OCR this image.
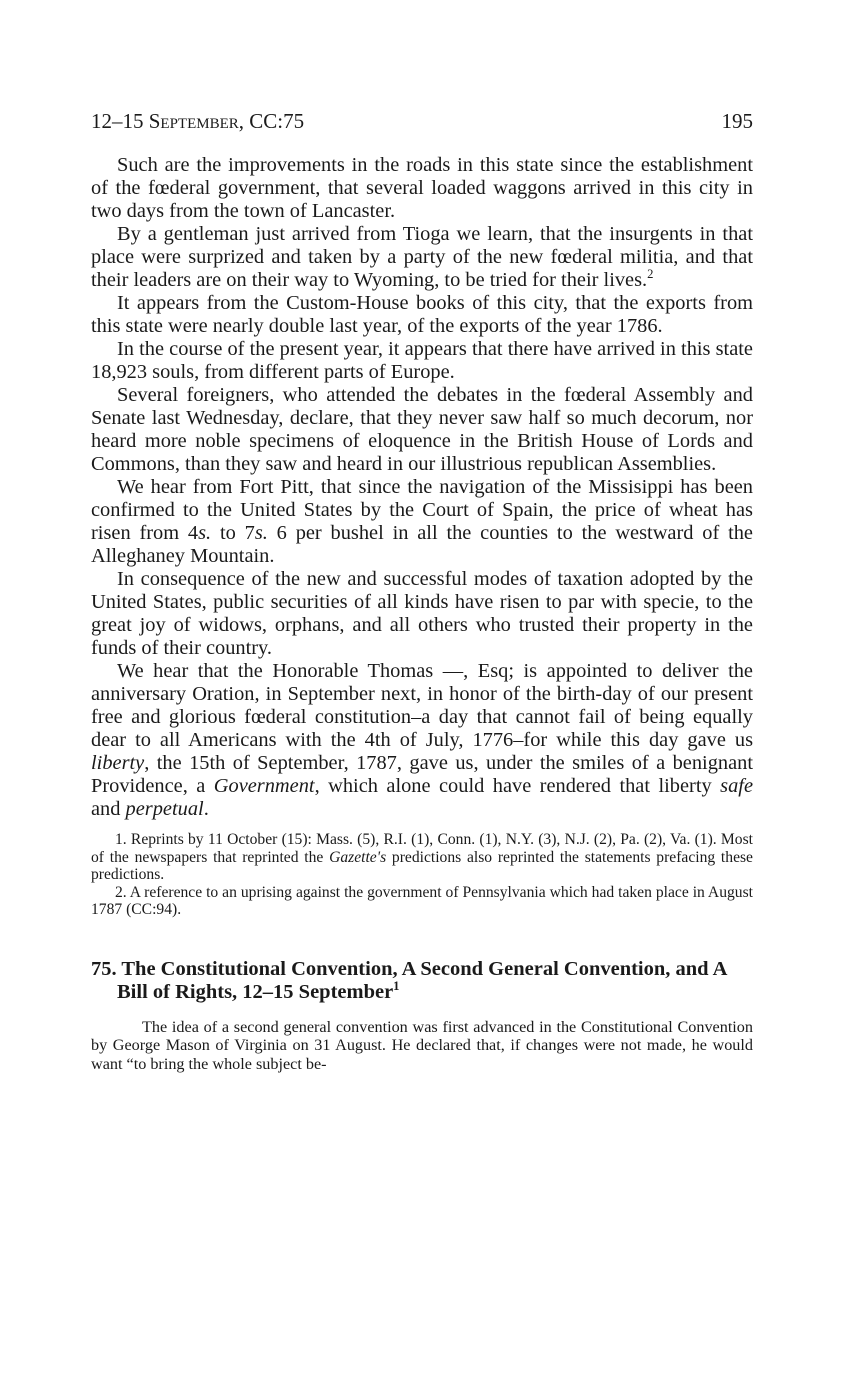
12–15 September, CC:75	195

Such are the improvements in the roads in this state since the establishment of the fœderal government, that several loaded waggons arrived in this city in two days from the town of Lancaster.

By a gentleman just arrived from Tioga we learn, that the insurgents in that place were surprized and taken by a party of the new fœderal militia, and that their leaders are on their way to Wyoming, to be tried for their lives.$^2$

It appears from the Custom-House books of this city, that the exports from this state were nearly double last year, of the exports of the year 1786.

In the course of the present year, it appears that there have arrived in this state 18,923 souls, from different parts of Europe.

Several foreigners, who attended the debates in the fœderal Assembly and Senate last Wednesday, declare, that they never saw half so much decorum, nor heard more noble specimens of eloquence in the British House of Lords and Commons, than they saw and heard in our illustrious republican Assemblies.

We hear from Fort Pitt, that since the navigation of the Missisippi has been confirmed to the United States by the Court of Spain, the price of wheat has risen from 4s. to 7s. 6 per bushel in all the counties to the westward of the Alleghaney Mountain.

In consequence of the new and successful modes of taxation adopted by the United States, public securities of all kinds have risen to par with specie, to the great joy of widows, orphans, and all others who trusted their property in the funds of their country.

We hear that the Honorable Thomas —, Esq; is appointed to deliver the anniversary Oration, in September next, in honor of the birth-day of our present free and glorious fœderal constitution–a day that cannot fail of being equally dear to all Americans with the 4th of July, 1776–for while this day gave us liberty, the 15th of September, 1787, gave us, under the smiles of a benignant Providence, a Government, which alone could have rendered that liberty safe and perpetual.

1. Reprints by 11 October (15): Mass. (5), R.I. (1), Conn. (1), N.Y. (3), N.J. (2), Pa. (2), Va. (1). Most of the newspapers that reprinted the Gazette's predictions also reprinted the statements prefacing these predictions.

2. A reference to an uprising against the government of Pennsylvania which had taken place in August 1787 (CC:94).

75. The Constitutional Convention, A Second General Convention, and A Bill of Rights, 12–15 September$^1$

The idea of a second general convention was first advanced in the Constitutional Convention by George Mason of Virginia on 31 August. He declared that, if changes were not made, he would want “to bring the whole subject be-
